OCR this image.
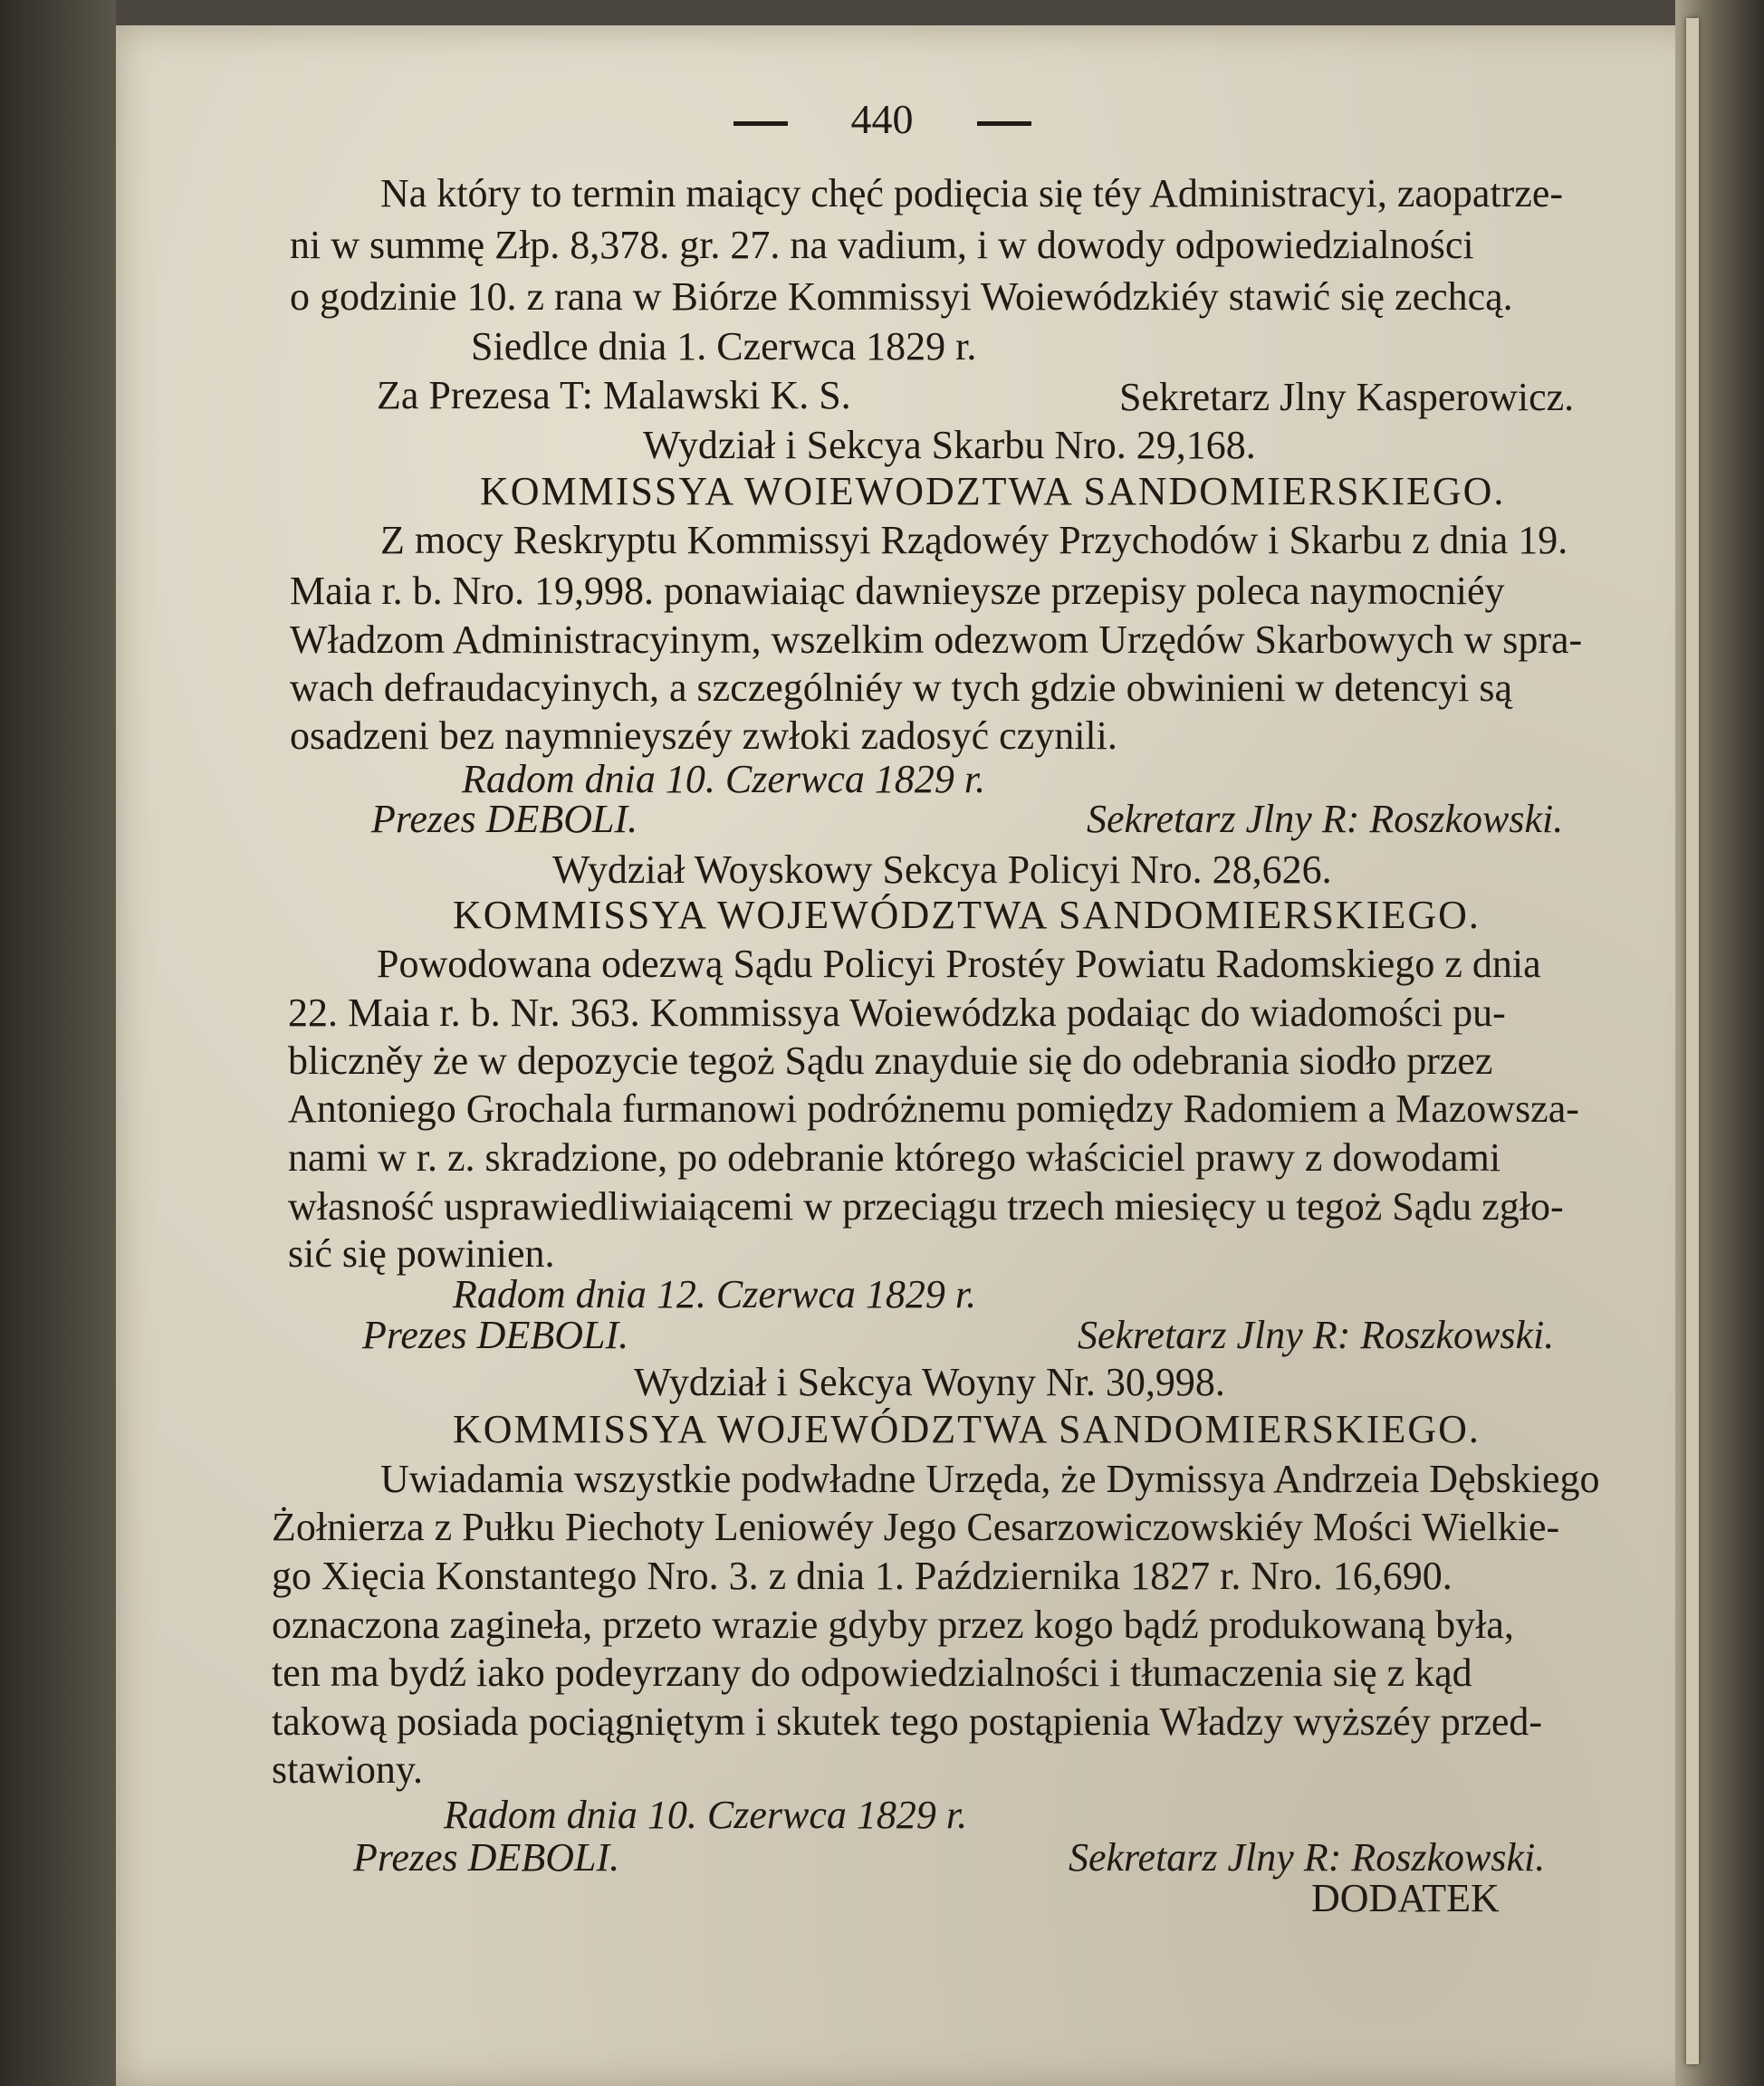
440
Na który to termin maiący chęć podięcia się téy Administracyi, zaopatrze-
ni w summę Złp. 8,378. gr. 27. na vadium, i w dowody odpowiedzialności
o godzinie 10. z rana w Biórze Kommissyi Woiewódzkiéy stawić się zechcą.
Siedlce dnia 1. Czerwca 1829 r.
Za Prezesa T: Malawski K. S.	Sekretarz Jlny Kasperowicz.
Wydział i Sekcya Skarbu Nro. 29,168.
KOMMISSYA WOIEWODZTWA SANDOMIERSKIEGO.
Z mocy Reskryptu Kommissyi Rządowéy Przychodów i Skarbu z dnia 19.
Maia r. b. Nro. 19,998. ponawiaiąc dawnieysze przepisy poleca naymocniéy
Władzom Administracyinym, wszelkim odezwom Urzędów Skarbowych w spra-
wach defraudacyinych, a szczególniéy w tych gdzie obwinieni w detencyi są
osadzeni bez naymnieyszéy zwłoki zadosyć czynili.
Radom dnia 10. Czerwca 1829 r.
Prezes DEBOLI.	Sekretarz Jlny R: Roszkowski.
Wydział Woyskowy Sekcya Policyi Nro. 28,626.
KOMMISSYA WOJEWÓDZTWA SANDOMIERSKIEGO.
Powodowana odezwą Sądu Policyi Prostéy Powiatu Radomskiego z dnia
22. Maia r. b. Nr. 363. Kommissya Woiewódzka podaiąc do wiadomości pu-
bliczněy że w depozycie tegoż Sądu znayduie się do odebrania siodło przez
Antoniego Grochala furmanowi podróżnemu pomiędzy Radomiem a Mazowsza-
nami w r. z. skradzione, po odebranie którego właściciel prawy z dowodami
własność usprawiedliwiaiącemi w przeciągu trzech miesięcy u tegoż Sądu zgło-
sić się powinien.
Radom dnia 12. Czerwca 1829 r.
Prezes DEBOLI.	Sekretarz Jlny R: Roszkowski.
Wydział i Sekcya Woyny Nr. 30,998.
KOMMISSYA WOJEWÓDZTWA SANDOMIERSKIEGO.
Uwiadamia wszystkie podwładne Urzęda, że Dymissya Andrzeia Dębskiego
Żołnierza z Pułku Piechoty Leniowéy Jego Cesarzowiczowskiéy Mości Wielkie-
go Xięcia Konstantego Nro. 3. z dnia 1. Października 1827 r. Nro. 16,690.
oznaczona zagineła, przeto wrazie gdyby przez kogo bądź produkowaną była,
ten ma bydź iako podeyrzany do odpowiedzialności i tłumaczenia się z kąd
takową posiada pociągniętym i skutek tego postąpienia Władzy wyższéy przed-
stawiony.
Radom dnia 10. Czerwca 1829 r.
Prezes DEBOLI.	Sekretarz Jlny R: Roszkowski.
DODATEK
